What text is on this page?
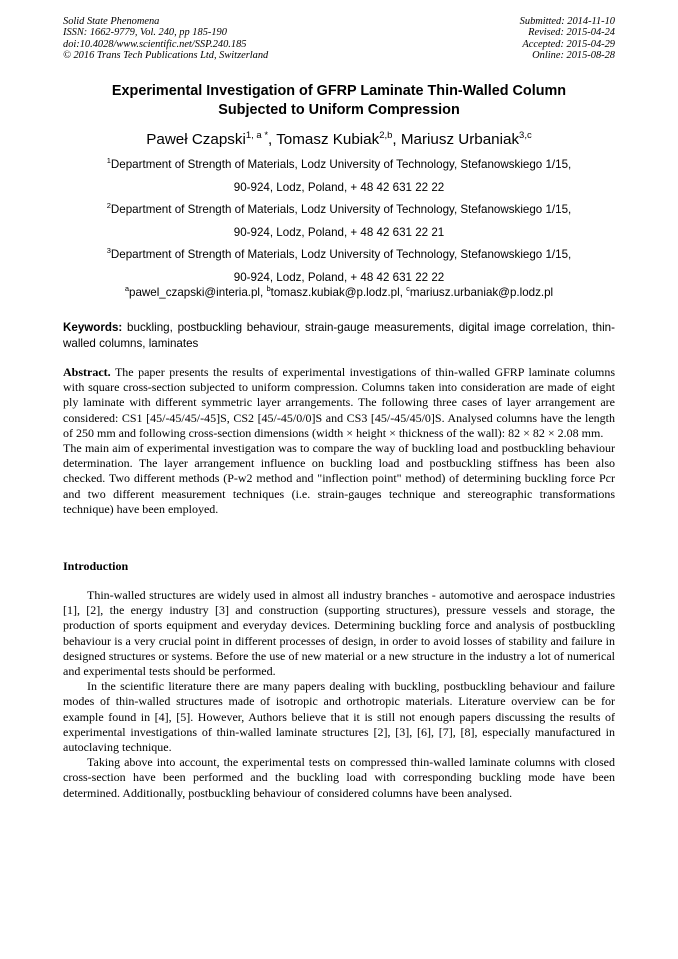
Solid State Phenomena
ISSN: 1662-9779, Vol. 240, pp 185-190
doi:10.4028/www.scientific.net/SSP.240.185
© 2016 Trans Tech Publications Ltd, Switzerland
Submitted: 2014-11-10
Revised: 2015-04-24
Accepted: 2015-04-29
Online: 2015-08-28
Experimental Investigation of GFRP Laminate Thin-Walled Column
Subjected to Uniform Compression
Paweł Czapski$^{1, a *}$, Tomasz Kubiak$^{2,b}$, Mariusz Urbaniak$^{3,c}$
$^1$Department of Strength of Materials, Lodz University of Technology, Stefanowskiego 1/15,
90-924, Lodz, Poland, + 48 42 631 22 22
$^2$Department of Strength of Materials, Lodz University of Technology, Stefanowskiego 1/15,
90-924, Lodz, Poland, + 48 42 631 22 21
$^3$Department of Strength of Materials, Lodz University of Technology, Stefanowskiego 1/15,
90-924, Lodz, Poland, + 48 42 631 22 22
$^a$pawel_czapski@interia.pl, $^b$tomasz.kubiak@p.lodz.pl, $^c$mariusz.urbaniak@p.lodz.pl
Keywords: buckling, postbuckling behaviour, strain-gauge measurements, digital image correlation, thin-walled columns, laminates

Abstract. The paper presents the results of experimental investigations of thin-walled GFRP laminate columns with square cross-section subjected to uniform compression. Columns taken into consideration are made of eight ply laminate with different symmetric layer arrangements. The following three cases of layer arrangement are considered: CS1 [45/-45/45/-45]S, CS2 [45/-45/0/0]S and CS3 [45/-45/45/0]S. Analysed columns have the length of 250 mm and following cross-section dimensions (width × height × thickness of the wall): 82 × 82 × 2.08 mm.

The main aim of experimental investigation was to compare the way of buckling load and postbuckling behaviour determination. The layer arrangement influence on buckling load and postbuckling stiffness has been also checked. Two different methods (P-w2 method and "inflection point" method) of determining buckling force Pcr and two different measurement techniques (i.e. strain-gauges technique and stereographic transformations technique) have been employed.

Introduction

Thin-walled structures are widely used in almost all industry branches - automotive and aerospace industries [1], [2], the energy industry [3] and construction (supporting structures), pressure vessels and storage, the production of sports equipment and everyday devices. Determining buckling force and analysis of postbuckling behaviour is a very crucial point in different processes of design, in order to avoid losses of stability and failure in designed structures or systems. Before the use of new material or a new structure in the industry a lot of numerical and experimental tests should be performed.

In the scientific literature there are many papers dealing with buckling, postbuckling behaviour and failure modes of thin-walled structures made of isotropic and orthotropic materials. Literature overview can be for example found in [4], [5]. However, Authors believe that it is still not enough papers discussing the results of experimental investigations of thin-walled laminate structures [2], [3], [6], [7], [8], especially manufactured in autoclaving technique.

Taking above into account, the experimental tests on compressed thin-walled laminate columns with closed cross-section have been performed and the buckling load with corresponding buckling mode have been determined. Additionally, postbuckling behaviour of considered columns have been analysed.
